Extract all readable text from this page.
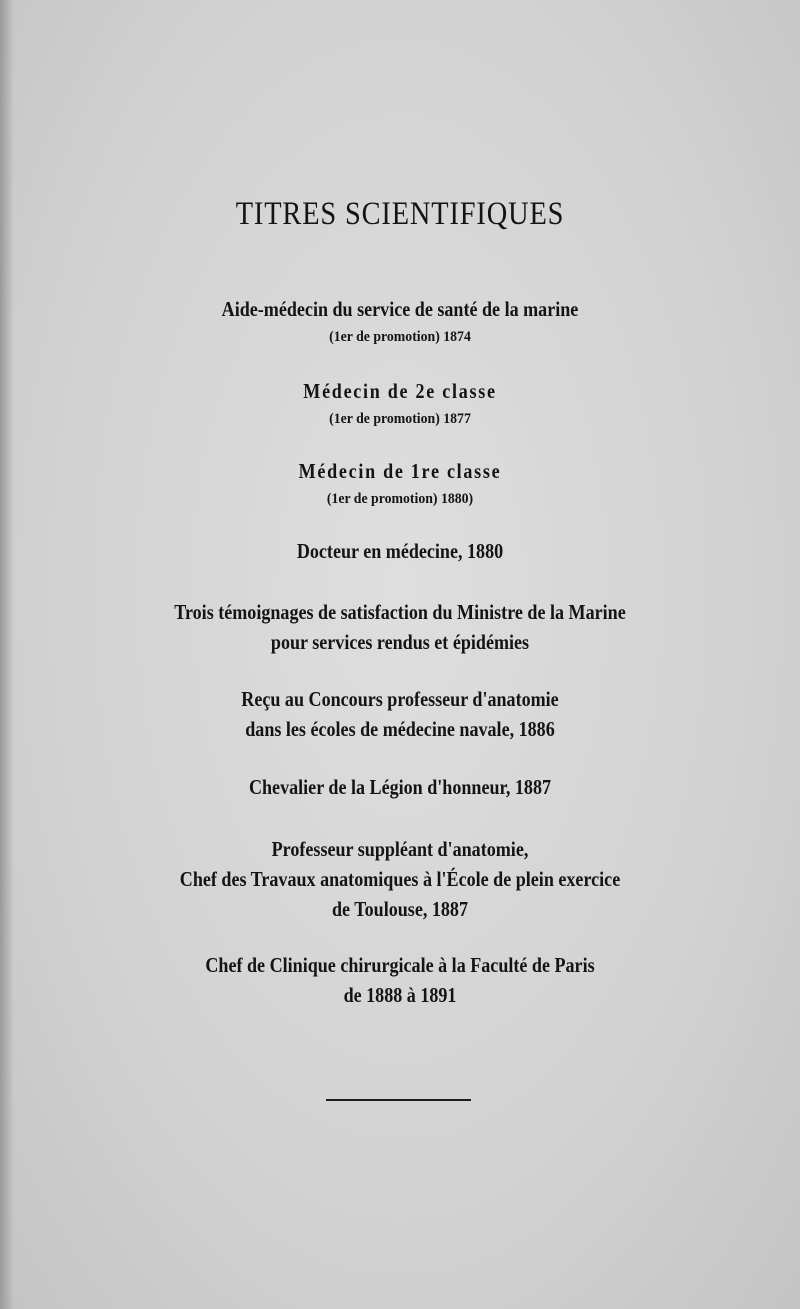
TITRES SCIENTIFIQUES
Aide-médecin du service de santé de la marine
(1er de promotion) 1874
Médecin de 2e classe
(1er de promotion) 1877
Médecin de 1re classe
(1er de promotion) 1880)
Docteur en médecine, 1880
Trois témoignages de satisfaction du Ministre de la Marine
pour services rendus et épidémies
Reçu au Concours professeur d'anatomie
dans les écoles de médecine navale, 1886
Chevalier de la Légion d'honneur, 1887
Professeur suppléant d'anatomie,
Chef des Travaux anatomiques à l'École de plein exercice
de Toulouse, 1887
Chef de Clinique chirurgicale à la Faculté de Paris
de 1888 à 1891
